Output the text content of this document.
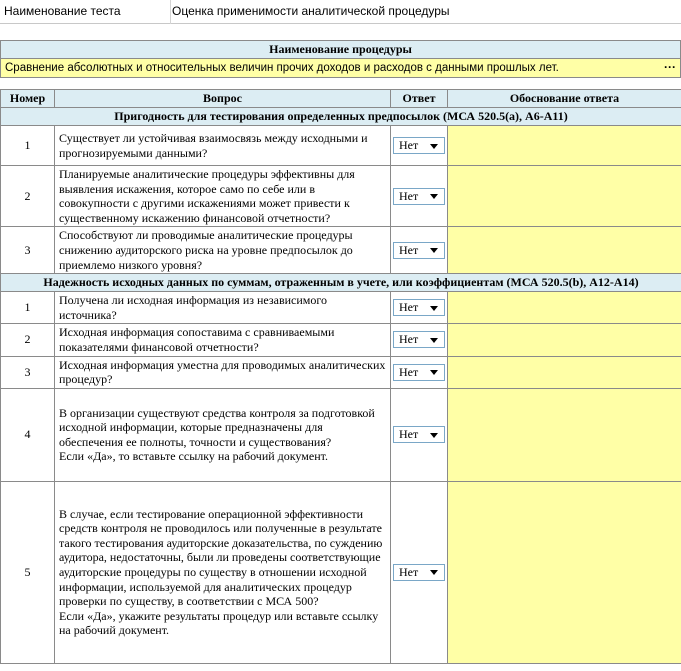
Наименование теста	Оценка применимости аналитической процедуры
Наименование процедуры
Сравнение абсолютных и относительных величин прочих доходов и расходов с данными прошлых лет.	···
Номер	Вопрос	Ответ	Обоснование ответа
Пригодность для тестирования определенных предпосылок (МСА 520.5(а), А6-А11)			
1	Существует ли устойчивая взаимосвязь между исходными и прогнозируемыми данными?	Нет	

2	Планируемые аналитические процедуры эффективны для выявления искажения, которое само по себе или в совокупности с другими искажениями может привести к существенному искажению финансовой отчетности?	Нет	

3	Способствуют ли проводимые аналитические процедуры снижению аудиторского риска на уровне предпосылок до приемлемо низкого уровня?	Нет	

Надежность исходных данных по суммам, отраженным в учете, или коэффициентам (МСА 520.5(b), А12-А14)			
1	Получена ли исходная информация из независимого источника?	Нет	

2	Исходная информация сопоставима с сравниваемыми показателями финансовой отчетности?	Нет	

3	Исходная информация уместна для проводимых аналитических процедур?	Нет	

4	В организации существуют средства контроля за подготовкой исходной информации, которые предназначены для обеспечения ее полноты, точности и существования?
Если «Да», то вставьте ссылку на рабочий документ.	Нет	

5	В случае, если тестирование операционной эффективности средств контроля не проводилось или полученные в результате такого тестирования аудиторские доказательства, по суждению аудитора, недостаточны, были ли проведены соответствующие аудиторские процедуры по существу в отношении исходной информации, используемой для аналитических процедур проверки по существу, в соответствии с МСА 500?
Если «Да», укажите результаты процедур или вставьте ссылку на рабочий документ.	Нет	
